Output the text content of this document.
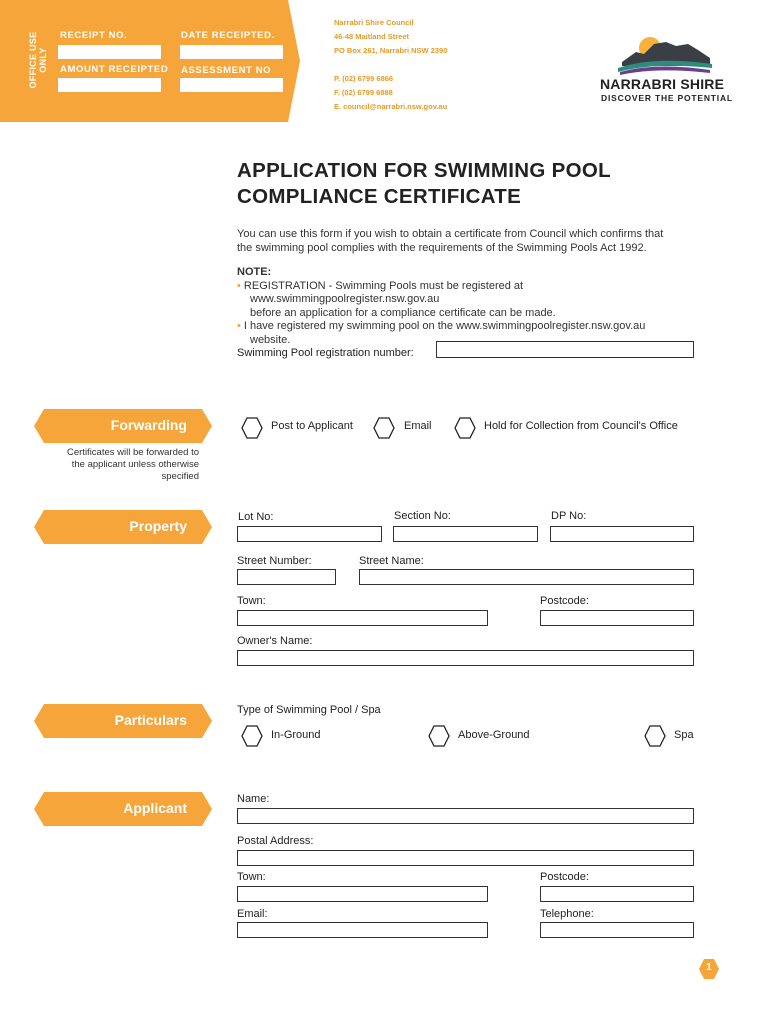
OFFICE USE ONLY
RECEIPT NO.	DATE RECEIPTED.
AMOUNT RECEIPTED ASSESSMENT NO
Narrabri Shire Council
46-48 Maitland Street
PO Box 261, Narrabri NSW 2390
P. (02) 6799 6866
F. (02) 6799 6888
E. council@narrabri.nsw.gov.au
NARRABRI SHIRE
DISCOVER THE POTENTIAL
APPLICATION FOR SWIMMING POOL
COMPLIANCE CERTIFICATE
You can use this form if you wish to obtain a certificate from Council which confirms that
the swimming pool complies with the requirements of the Swimming Pools Act 1992.
NOTE:
• REGISTRATION - Swimming Pools must be registered at
www.swimmingpoolregister.nsw.gov.au
before an application for a compliance certificate can be made.
• I have registered my swimming pool on the www.swimmingpoolregister.nsw.gov.au
website.
Swimming Pool registration number:
Forwarding
Certificates will be forwarded to
the applicant unless otherwise
specified
Post to Applicant	Email	Hold for Collection from Council's Office
Property
Lot No:	Section No:	DP No:
Street Number:	Street Name:
Town:	Postcode:
Owner's Name:
Particulars
Type of Swimming Pool / Spa
In-Ground	Above-Ground	Spa
Applicant
Name:
Postal Address:
Town:	Postcode:
Email:	Telephone:
1
